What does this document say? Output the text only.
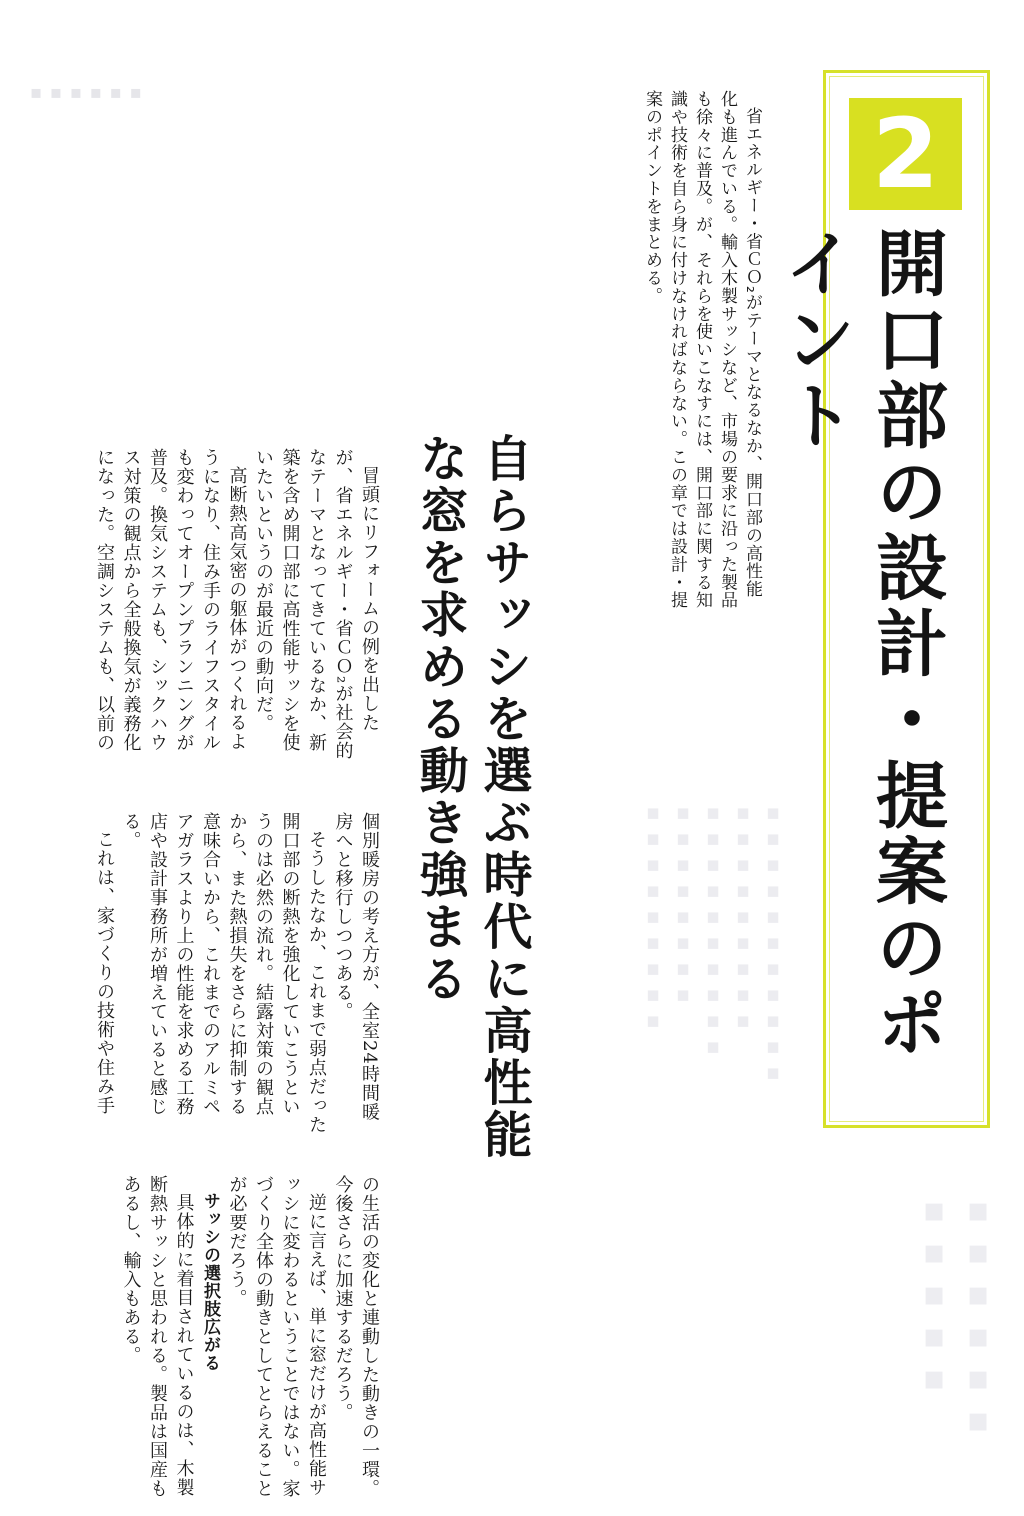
▪ ▪ ▪ ▪ ▪ ▪
▪▪▪▪▪▪▪▪▪▪▪ ▪▪▪▪▪▪▪▪▪ ▪▪▪▪▪▪▪▪▪▪ ▪▪▪▪▪▪▪▪ ▪▪▪▪▪▪▪▪▪
▪▪▪▪▪▪ ▪▪▪▪▪
2
開口部の設計・提案のポイント

省エネルギー・省ＣＯ₂がテーマとなるなか、開口部の高性能化も進んでいる。輸入木製サッシなど、市場の要求に沿った製品も徐々に普及。が、それらを使いこなすには、開口部に関する知識や技術を自ら身に付けなければならない。この章では設計・提案のポイントをまとめる。

自らサッシを選ぶ時代に高性能な窓を求める動き強まる

冒頭にリフォームの例を出したが、省エネルギー・省ＣＯ₂が社会的なテーマとなってきているなか、新築を含め開口部に高性能サッシを使いたいというのが最近の動向だ。

高断熱高気密の躯体がつくれるようになり、住み手のライフスタイルも変わってオープンプランニングが普及。換気システムも、シックハウス対策の観点から全般換気が義務化になった。空調システムも、以前の

個別暖房の考え方が、全室24時間暖房へと移行しつつある。

そうしたなか、これまで弱点だった開口部の断熱を強化していこうというのは必然の流れ。結露対策の観点から、また熱損失をさらに抑制する意味合いから、これまでのアルミペアガラスより上の性能を求める工務店や設計事務所が増えていると感じる。

これは、家づくりの技術や住み手

の生活の変化と連動した動きの一環。今後さらに加速するだろう。

逆に言えば、単に窓だけが高性能サッシに変わるということではない。家づくり全体の動きとしてとらえることが必要だろう。

サッシの選択肢広がる

具体的に着目されているのは、木製断熱サッシと思われる。製品は国産もあるし、輸入もある。
